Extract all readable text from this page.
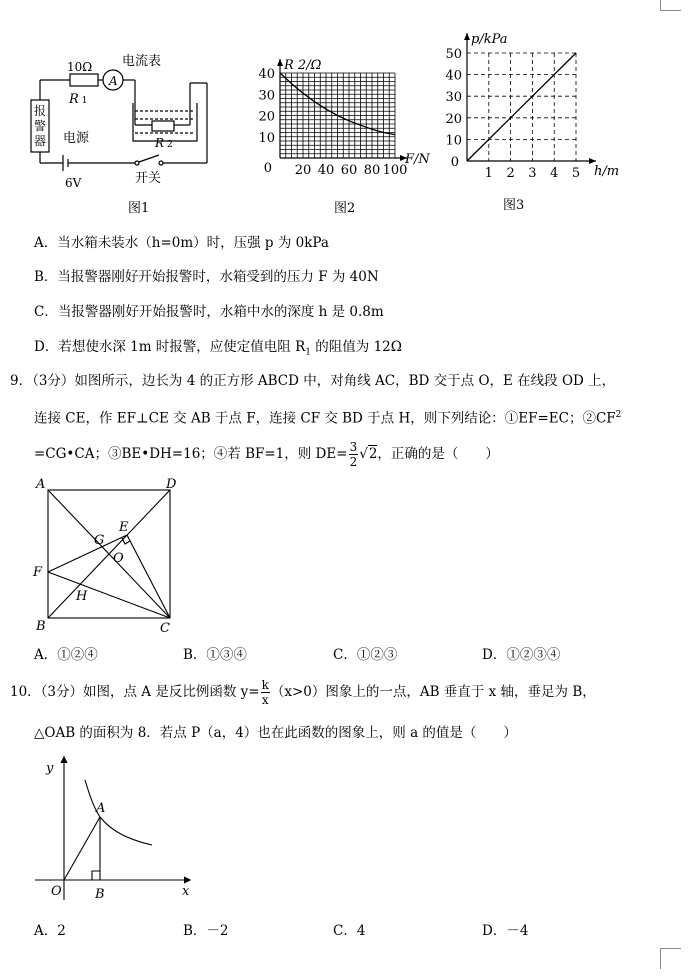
10Ω
R 1
A
电流表
报警器 电源
6V	开关
R 2
20 40 60 80 100
10
20
30
40
0
R 2/Ω
F/N
1 2 3 4 5
10
20
30
40
50
0
p/kPa
h/m
图1	图2	图3
A．当水箱未装水（h=0m）时，压强 p 为 0kPa
B．当报警器刚好开始报警时，水箱受到的压力 F 为 40N
C．当报警器刚好开始报警时，水箱中水的深度 h 是 0.8m
D．若想使水深 1m 时报警，应使定值电阻 $R_1$ 的阻值为 12Ω
9．（3分）如图所示，边长为 4 的正方形 ABCD 中，对角线 AC，BD 交于点 O，E 在线段 OD 上，
连接 CE，作 EF⊥CE 交 AB 于点 F，连接 CF 交 BD 于点 H，则下列结论：①EF=EC；$②CF^2$
=CG•CA；③BE•DH=16；④若 BF=1，则 $DE= \frac{3}{2} √2$，正确的是（　　）
A	D
B	C
F
E
G
O
H
A．①②④	B．①③④	C．①②③	D．①②③④
10．（3分）如图，点 A 是反比例函数 $y= \frac{k}{x} (x>0)$图象上的一点，AB 垂直于 x 轴，垂足为 B，
△OAB 的面积为 8．若点 P（a，4）也在此函数的图象上，则 a 的值是（　　）
y
x
O
A
B
A．2	B．－2	C．4	D．－4
